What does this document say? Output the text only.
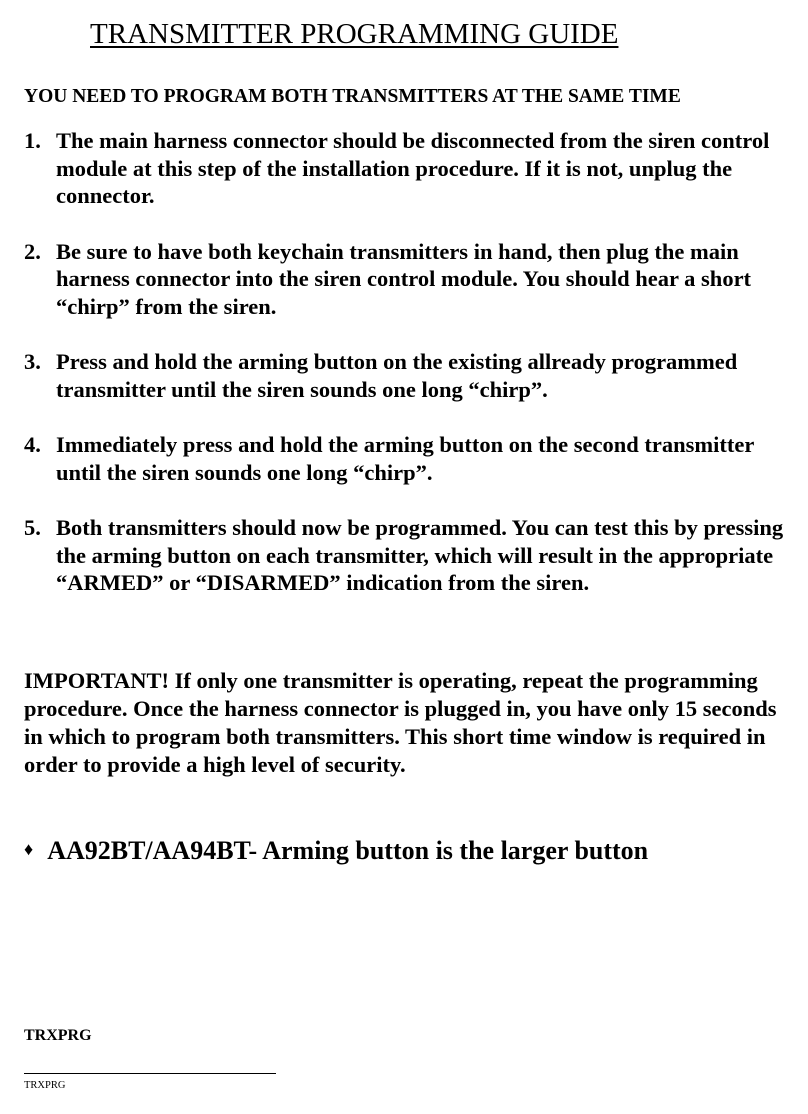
TRANSMITTER PROGRAMMING GUIDE
YOU NEED TO PROGRAM BOTH TRANSMITTERS AT THE SAME TIME
1. The main harness connector should be disconnected from the siren control module at this step of the installation procedure. If it is not, unplug the connector.
2. Be sure to have both keychain transmitters in hand, then plug the main harness connector into the siren control module. You should hear a short “chirp” from the siren.
3. Press and hold the arming button on the existing allready programmed transmitter until the siren sounds one long “chirp”.
4. Immediately press and hold the arming button on the second transmitter until the siren sounds one long “chirp”.
5. Both transmitters should now be programmed. You can test this by pressing the arming button on each transmitter, which will result in the appropriate “ARMED” or “DISARMED” indication from the siren.
IMPORTANT! If only one transmitter is operating, repeat the programming procedure. Once the harness connector is plugged in, you have only 15 seconds in which to program both transmitters. This short time window is required in order to provide a high level of security.
♦ AA92BT/AA94BT- Arming button is the larger button
TRXPRG
TRXPRG
